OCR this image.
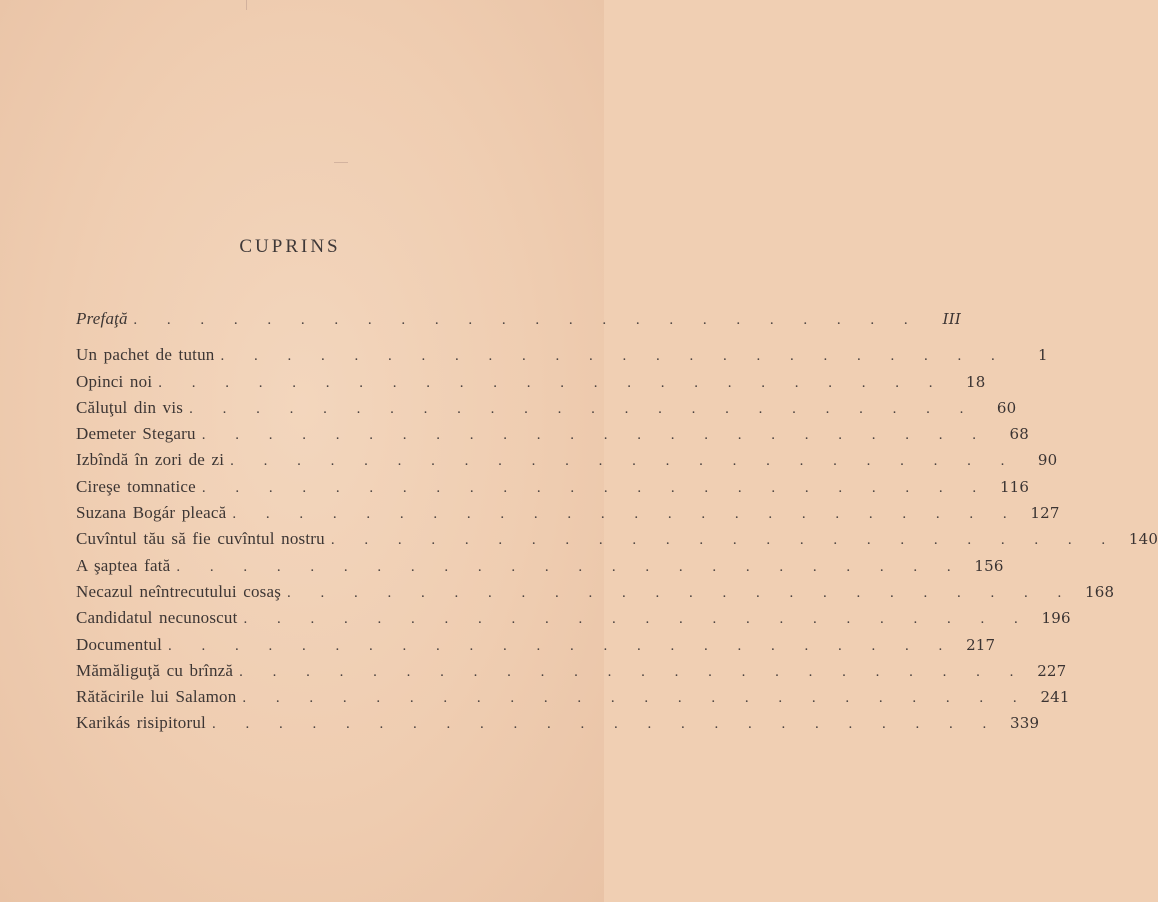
CUPRINS
Prefaţă . . . . . . . . . . . . . . . . . . . . . . . .	III
Un pachet de tutun . . . . . . . . . . . . . . . . . . . . . . . .	1
Opinci noi . . . . . . . . . . . . . . . . . . . . . . . .	18
Căluţul din vis . . . . . . . . . . . . . . . . . . . . . . . .	60
Demeter Stegaru . . . . . . . . . . . . . . . . . . . . . . . .	68
Izbîndă în zori de zi . . . . . . . . . . . . . . . . . . . . . . . .	90
Cireşe tomnatice . . . . . . . . . . . . . . . . . . . . . . . . 116
Suzana Bogár pleacă . . . . . . . . . . . . . . . . . . . . . . . . 127
Cuvîntul tău să fie cuvîntul nostru . . . . . . . . . . . . . . . . . . . . . . . . 140
A şaptea fată . . . . . . . . . . . . . . . . . . . . . . . . 156
Necazul neîntrecutului cosaş . . . . . . . . . . . . . . . . . . . . . . . . 168
Candidatul necunoscut . . . . . . . . . . . . . . . . . . . . . . . . 196
Documentul . . . . . . . . . . . . . . . . . . . . . . . . 217
Mămăliguţă cu brînză . . . . . . . . . . . . . . . . . . . . . . . . 227
Rătăcirile lui Salamon . . . . . . . . . . . . . . . . . . . . . . . . 241
Karikás risipitorul . . . . . . . . . . . . . . . . . . . . . . . . 339
